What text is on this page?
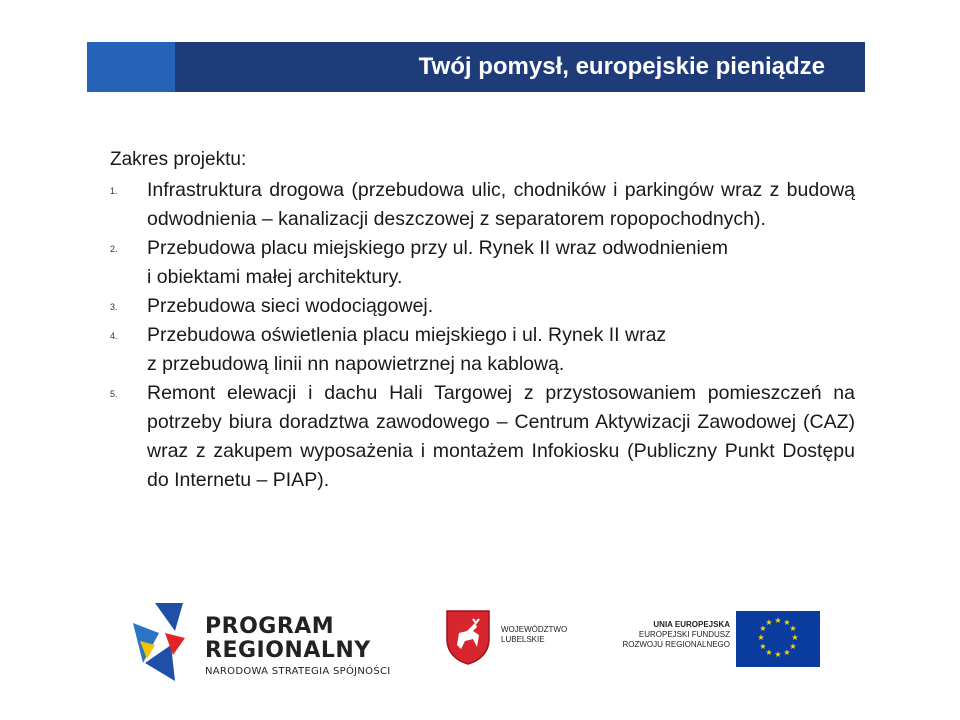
Twój pomysł, europejskie pieniądze
Zakres projektu:
1. Infrastruktura drogowa (przebudowa ulic, chodników i parkingów wraz z budową odwodnienia – kanalizacji deszczowej z separatorem ropopochodnych).
2. Przebudowa placu miejskiego przy ul. Rynek II wraz odwodnieniem
i obiektami małej architektury.
3. Przebudowa sieci wodociągowej.
4. Przebudowa oświetlenia placu miejskiego i ul. Rynek II wraz
z przebudową linii nn napowietrznej na kablową.
5. Remont elewacji i dachu Hali Targowej z przystosowaniem pomieszczeń na potrzeby biura doradztwa zawodowego – Centrum Aktywizacji Zawodowej (CAZ) wraz z zakupem wyposażenia i montażem Infokiosku (Publiczny Punkt Dostępu do Internetu – PIAP).
PROGRAM
REGIONALNY
NARODOWA STRATEGIA SPÓJNOŚCI
WOJEWÓDZTWO
LUBELSKIE
UNIA EUROPEJSKA
EUROPEJSKI FUNDUSZ
ROZWOJU REGIONALNEGO
★ ★
★
★
★
★
★
★
★
★
★
★
